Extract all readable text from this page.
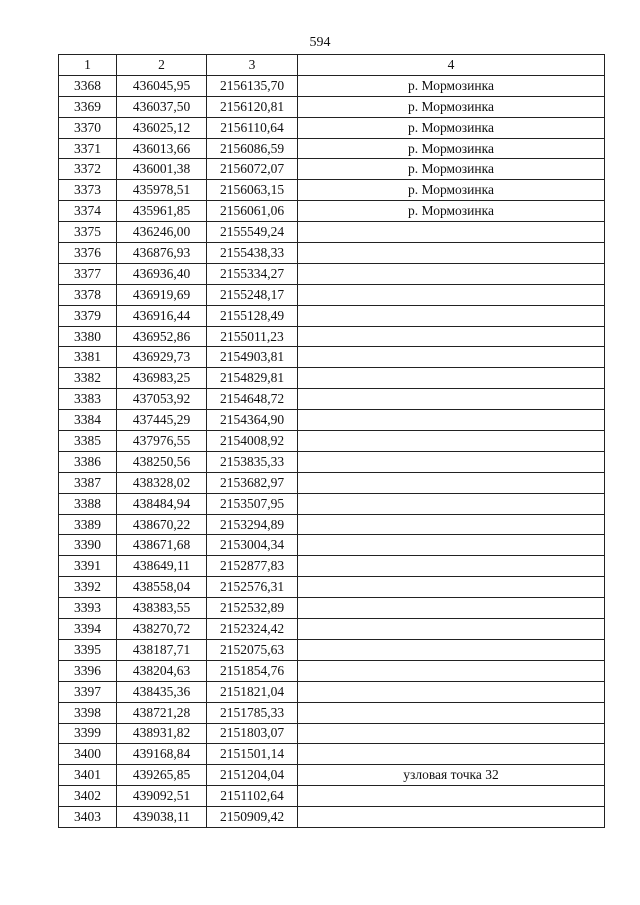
594
1	2	3	4
3368	436045,95	2156135,70	р. Мормозинка
3369	436037,50	2156120,81	р. Мормозинка
3370	436025,12	2156110,64	р. Мормозинка
3371	436013,66	2156086,59	р. Мормозинка
3372	436001,38	2156072,07	р. Мормозинка
3373	435978,51	2156063,15	р. Мормозинка
3374	435961,85	2156061,06	р. Мормозинка
3375	436246,00	2155549,24	
3376	436876,93	2155438,33	
3377	436936,40	2155334,27	
3378	436919,69	2155248,17	
3379	436916,44	2155128,49	
3380	436952,86	2155011,23	
3381	436929,73	2154903,81	
3382	436983,25	2154829,81	
3383	437053,92	2154648,72	
3384	437445,29	2154364,90	
3385	437976,55	2154008,92	
3386	438250,56	2153835,33	
3387	438328,02	2153682,97	
3388	438484,94	2153507,95	
3389	438670,22	2153294,89	
3390	438671,68	2153004,34	
3391	438649,11	2152877,83	
3392	438558,04	2152576,31	
3393	438383,55	2152532,89	
3394	438270,72	2152324,42	
3395	438187,71	2152075,63	
3396	438204,63	2151854,76	
3397	438435,36	2151821,04	
3398	438721,28	2151785,33	
3399	438931,82	2151803,07	
3400	439168,84	2151501,14	
3401	439265,85	2151204,04	узловая точка 32
3402	439092,51	2151102,64	
3403	439038,11	2150909,42	
